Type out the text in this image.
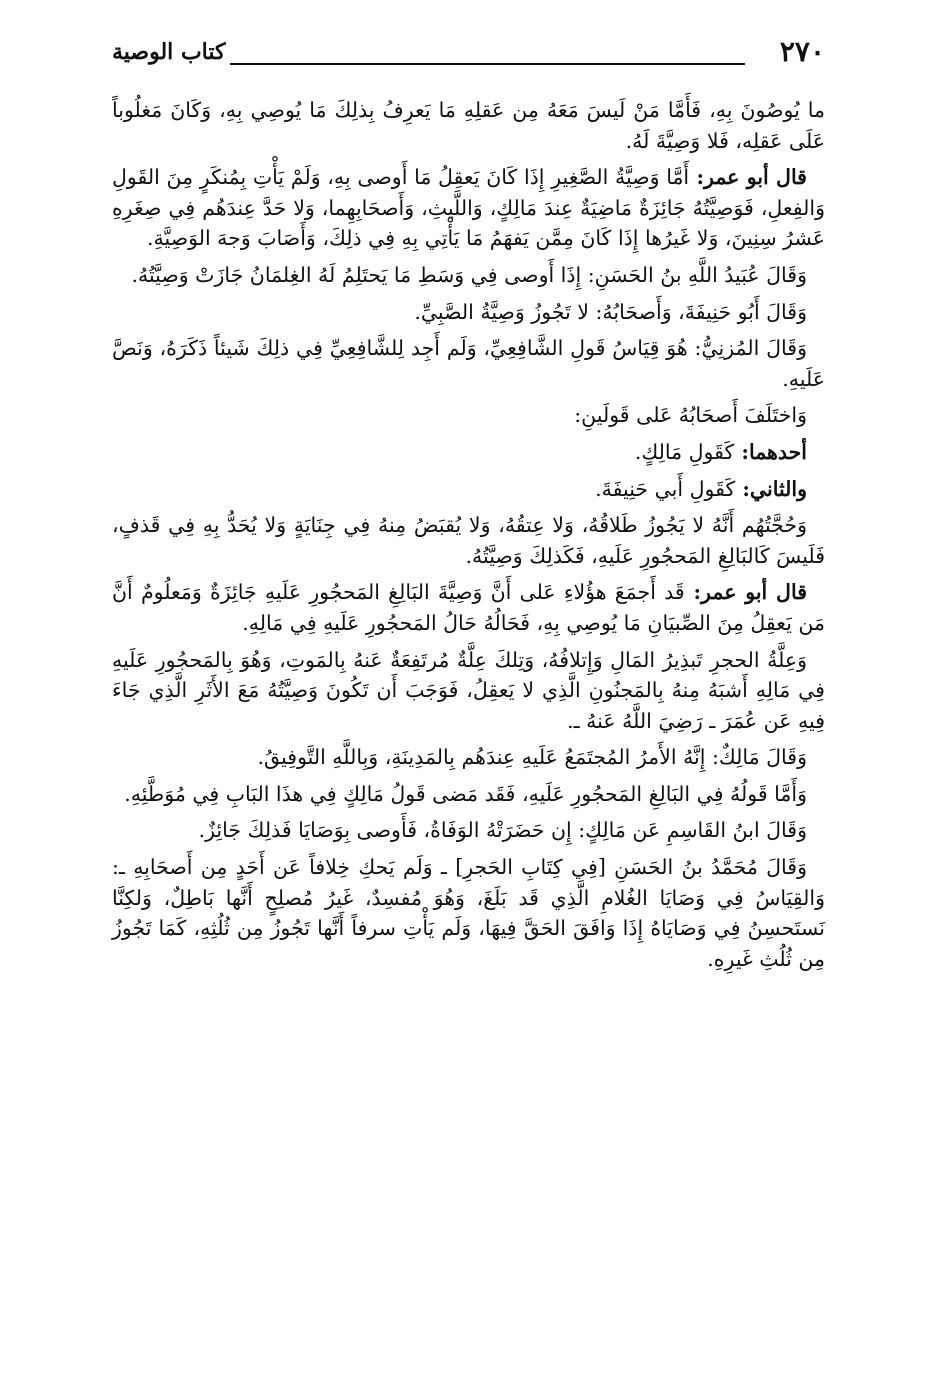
٢٧٠
كتاب الوصية

ما يُوصُونَ بِهِ، فَأَمَّا مَنْ لَيسَ مَعَهُ مِن عَقلِهِ مَا يَعرِفُ بِذلِكَ مَا يُوصِي بِهِ، وَكَانَ مَغلُوباً عَلَى عَقلِه، فَلا وَصِيَّةَ لَهُ.

قال أبو عمر: أَمَّا وَصِيَّةُ الصَّغِيرِ إِذَا كَانَ يَعقِلُ مَا أَوصى بِهِ، وَلَمْ يَأْتِ بِمُنكَرٍ مِنَ القَولِ وَالفِعلِ، فَوَصِيَّتُهُ جَائِزَةٌ مَاضِيَةٌ عِندَ مَالِكٍ، وَاللَّيثِ، وَأَصحَابِهِما، وَلا حَدَّ عِندَهُم فِي صِغَرِهِ عَشرُ سِنِينَ، وَلا غَيرُها إِذَا كَانَ مِمَّن يَفهَمُ مَا يَأْتِي بِهِ فِي ذلِكَ، وَأَصَابَ وَجهَ الوَصِيَّةِ.

وَقَالَ عُبَيدُ اللَّهِ بنُ الحَسَنِ: إِذَا أَوصى فِي وَسَطِ مَا يَحتَلِمُ لَهُ الغِلمَانُ جَازَتْ وَصِيَّتُهُ.

وَقَالَ أَبُو حَنِيفَةَ، وَأَصحَابُهُ: لا تَجُوزُ وَصِيَّةُ الصَّبِيِّ.

وَقَالَ المُزنِيُّ: هُوَ قِيَاسُ قَولِ الشَّافِعِيِّ، وَلَم أَجِد لِلشَّافِعِيِّ فِي ذلِكَ شَيئاً ذَكَرَهُ، وَنَصَّ عَلَيهِ.

وَاختَلَفَ أَصحَابُهُ عَلى قَولَينِ:

أحدهما: كَقَولِ مَالِكٍ.

والثاني: كَقَولِ أَبي حَنِيفَةَ.

وَحُجَّتُهُم أَنَّهُ لا يَجُوزُ طَلاقُهُ، وَلا عِتقُهُ، وَلا يُقبَضُ مِنهُ فِي جِنَايَةٍ وَلا يُحَدُّ بِهِ فِي قَذفٍ، فَلَيسَ كَالبَالِغِ المَحجُورِ عَلَيهِ، فَكَذلِكَ وَصِيَّتُهُ.

قال أبو عمر: قَد أَجمَعَ هؤُلاءِ عَلى أَنَّ وَصِيَّةَ البَالِغِ المَحجُورِ عَلَيهِ جَائِزَةٌ وَمَعلُومٌ أَنَّ مَن يَعقِلُ مِنَ الصِّبيَانِ مَا يُوصِي بِهِ، فَحَالُهُ حَالُ المَحجُورِ عَلَيهِ فِي مَالِهِ.

وَعِلَّةُ الحجرِ تَبذِيرُ المَالِ وَإِتلافُهُ، وَتِلكَ عِلَّةٌ مُرتَفِعَةٌ عَنهُ بِالمَوتِ، وَهُوَ بِالمَحجُورِ عَلَيهِ فِي مَالِهِ أَشبَهُ مِنهُ بِالمَجنُونِ الَّذِي لا يَعقِلُ، فَوَجَبَ أَن تَكُونَ وَصِيَّتُهُ مَعَ الأَثَرِ الَّذِي جَاءَ فِيهِ عَن عُمَرَ ـ رَضِيَ اللَّهُ عَنهُ ـ.

وَقَالَ مَالِكٌ: إِنَّهُ الأَمرُ المُجتَمَعُ عَلَيهِ عِندَهُم بِالمَدِينَةِ، وَبِاللَّهِ التَّوفِيقُ.

وَأَمَّا قَولُهُ فِي البَالِغِ المَحجُورِ عَلَيهِ، فَقَد مَضى قَولُ مَالِكٍ فِي هذَا البَابِ فِي مُوَطَّئِهِ.

وَقَالَ ابنُ القَاسِمِ عَن مَالِكٍ: إِن حَضَرَتْهُ الوَفَاةُ، فَأَوصى بِوَصَايَا فَذلِكَ جَائِزٌ.

وَقَالَ مُحَمَّدُ بنُ الحَسَنِ [فِي كِتَابِ الحَجرِ] ـ وَلَم يَحكِ خِلافاً عَن أَحَدٍ مِن أَصحَابِهِ ـ: وَالقِيَاسُ فِي وَصَايَا الغُلامِ الَّذِي قَد بَلَغَ، وَهُوَ مُفسِدٌ، غَيرُ مُصلِحٍ أَنَّها بَاطِلٌ، وَلكِنَّا نَستَحسِنُ فِي وَصَايَاهُ إِذَا وَافَقَ الحَقَّ فِيهَا، وَلَم يَأْتِ سرفاً أَنَّها تَجُوزُ مِن ثُلُثِهِ، كَمَا تَجُوزُ مِن ثُلُثِ غَيرِهِ.
